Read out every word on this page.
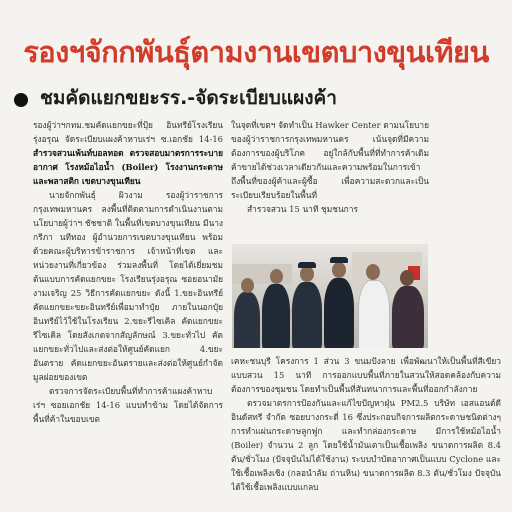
รองฯจักกพันธุ์ตามงานเขตบางขุนเทียน
ชมคัดแยกขยะรร.-จัดระเบียบแผงค้า

รองผู้ว่าฯกทม.ชมคัดแยกขยะที่ปุ้ย อินทรีย์โรงเรียนรุ่งอรุณ จัดระเบียบแผงค้าหาบเร่ฯ ซ.เอกชัย 14-16 สำรวจสวนเพ้นท์บอลทอด ตรวจสอบมาตรการระบายอากาศ โรงหม้อไอน้ำ (Boiler) โรงงานกระดาษและพลาสติก เขตบางขุนเทียน

นายจักกพันธุ์ ผิวงาม รองผู้ว่าราชการกรุงเทพมหานคร ลงพื้นที่ติดตามการดำเนินงานตามนโยบายผู้ว่าฯ ชัชชาติ ในพื้นที่เขตบางขุนเทียน มีนางกรีภา นทีทอง ผู้อำนวยการเขตบางขุนเทียน พร้อมด้วยคณะผู้บริหารข้าราชการ เจ้าหน้าที่เขต และหน่วยงานที่เกี่ยวข้อง ร่วมลงพื้นที่ โดยได้เยี่ยมชมต้นแบบการคัดแยกขยะ โรงเรียนรุ่งอรุณ ซอยอนามัยงามเจริญ 25 วิธีการคัดแยกขยะ ดังนี้ 1.ขยะอินทรีย์ คัดแยกขยะขยะอินทรีย์เพื่อมาทำปุ๋ย ภายในนอกปุ๋ยอินทรีย์ไว้ใช้ในโรงเรียน 2.ขยะรีไซเคิล คัดแยกขยะรีไซเคิล โดยสังเกตจากสัญลักษณ์ 3.ขยะทั่วไป คัดแยกขยะทั่วไปและส่งต่อให้ศูนย์คัดแยก 4.ขยะอันตราย คัดแยกขยะอันตรายและส่งต่อให้ศูนย์กำจัดมูลฝอยของเขต

ตรวจการจัดระเบียบพื้นที่ทำการค้าแผงค้าหาบเร่ฯ ซอยเอกชัย 14-16 แบบทำข้าม โดยได้จัดการพื้นที่ค้าในขอบเขต

ในจุดที่เขตฯ จัดทำเป็น Hawker Center ตามนโยบายของผู้ว่าราชการกรุงเทพมหานคร เน้นจุดที่มีความต้องการของผู้บริโภค อยู่ใกล้กับพื้นที่ที่ทำการค้าเดิม ค้าขายได้ช่วงเวลาเดียวกันและความพร้อมในการเข้าถึงพื้นที่ของผู้ค้าและผู้ซื้อ เพื่อความสะดวกและเป็นระเบียบเรียบร้อยในพื้นที่

สำรวจสวน 15 นาที ชุมชนการ

เคหะชนบุรี โครงการ 1 ส่วน 3 ขนมปังลาย เพื่อพัฒนาให้เป็นพื้นที่สีเขียวแบบสวน 15 นาที การออกแบบพื้นที่ภายในสวนให้สอดคล้องกับความต้องการของชุมชน โดยทำเป็นพื้นที่สันทนาการและพื้นที่ออกกำลังกาย

ตรวจมาตรการป้องกันและแก้ไขปัญหาฝุ่น PM2.5 บริษัท เอสแอนด์ดี อินดัสทรี จำกัด ซอยบางกระดี่ 16 ซึ่งประกอบกิจการผลิตกระดาษชนิดต่างๆ การทำแผ่นกระดาษลูกฟูก และทำกล่องกระดาษ มีการใช้หม้อไอน้ำ (Boiler) จำนวน 2 ลูก โดยใช้น้ำมันเตาเป็นเชื้อเพลิง ขนาดการผลิต 8.4 ตัน/ชั่วโมง (ปัจจุบันไม่ได้ใช้งาน) ระบบบำบัดอากาศเป็นแบบ Cyclone และใช้เชื้อเพลิงเชิง (กลอนำลัม ถ่านหิน) ขนาดการผลิต 8.3 ตัน/ชั่วโมง ปัจจุบันได้ใช้เชื้อเพลิงแบบแกลบ
